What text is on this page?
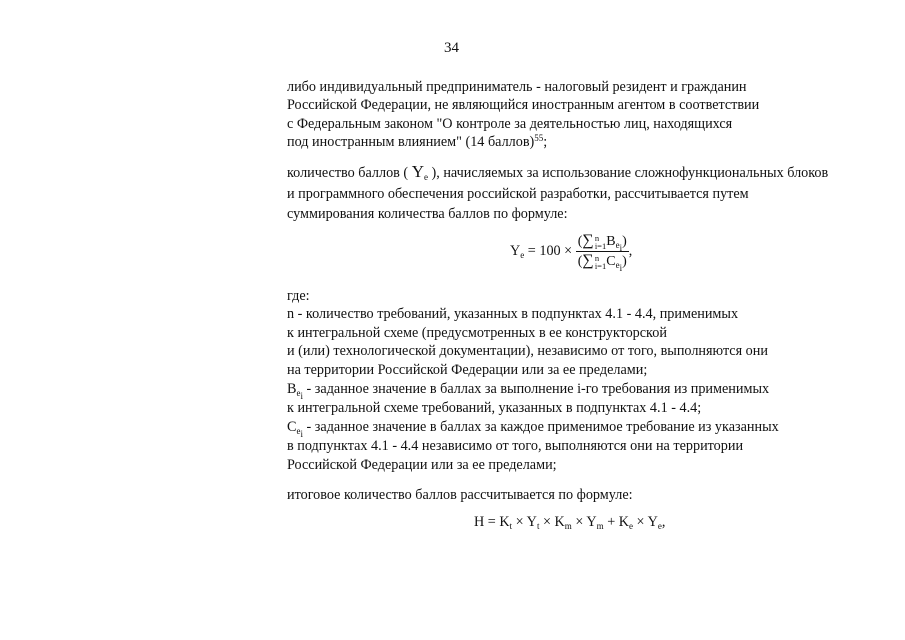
34
либо индивидуальный предприниматель - налоговый резидент и гражданин
Российской Федерации, не являющийся иностранным агентом в соответствии
с Федеральным законом "О контроле за деятельностью лиц, находящихся
под иностранным влиянием" (14 баллов)$^{55}$;
количество баллов ( $Y_e$ ), начисляемых за использование сложнофункциональных блоков
и программного обеспечения российской разработки, рассчитывается путем
суммирования количества баллов по формуле:
$Y_e = 100$ × (∑ n
i=1 $B_{e_i}$)
(∑ n
i=1 $C_{e_i}$) ,
где:
n - количество требований, указанных в подпунктах 4.1 - 4.4, применимых
к интегральной схеме (предусмотренных в ее конструкторской
и (или) технологической документации), независимо от того, выполняются они
на территории Российской Федерации или за ее пределами;
$B_{e_i}$ - заданное значение в баллах за выполнение i-го требования из применимых
к интегральной схеме требований, указанных в подпунктах 4.1 - 4.4;
$C_{e_i}$ - заданное значение в баллах за каждое применимое требование из указанных
в подпунктах 4.1 - 4.4 независимо от того, выполняются они на территории
Российской Федерации или за ее пределами;
итоговое количество баллов рассчитывается по формуле:
$H = K_t \times Y_t \times K_m \times Y_m + K_e \times Y_e$,
